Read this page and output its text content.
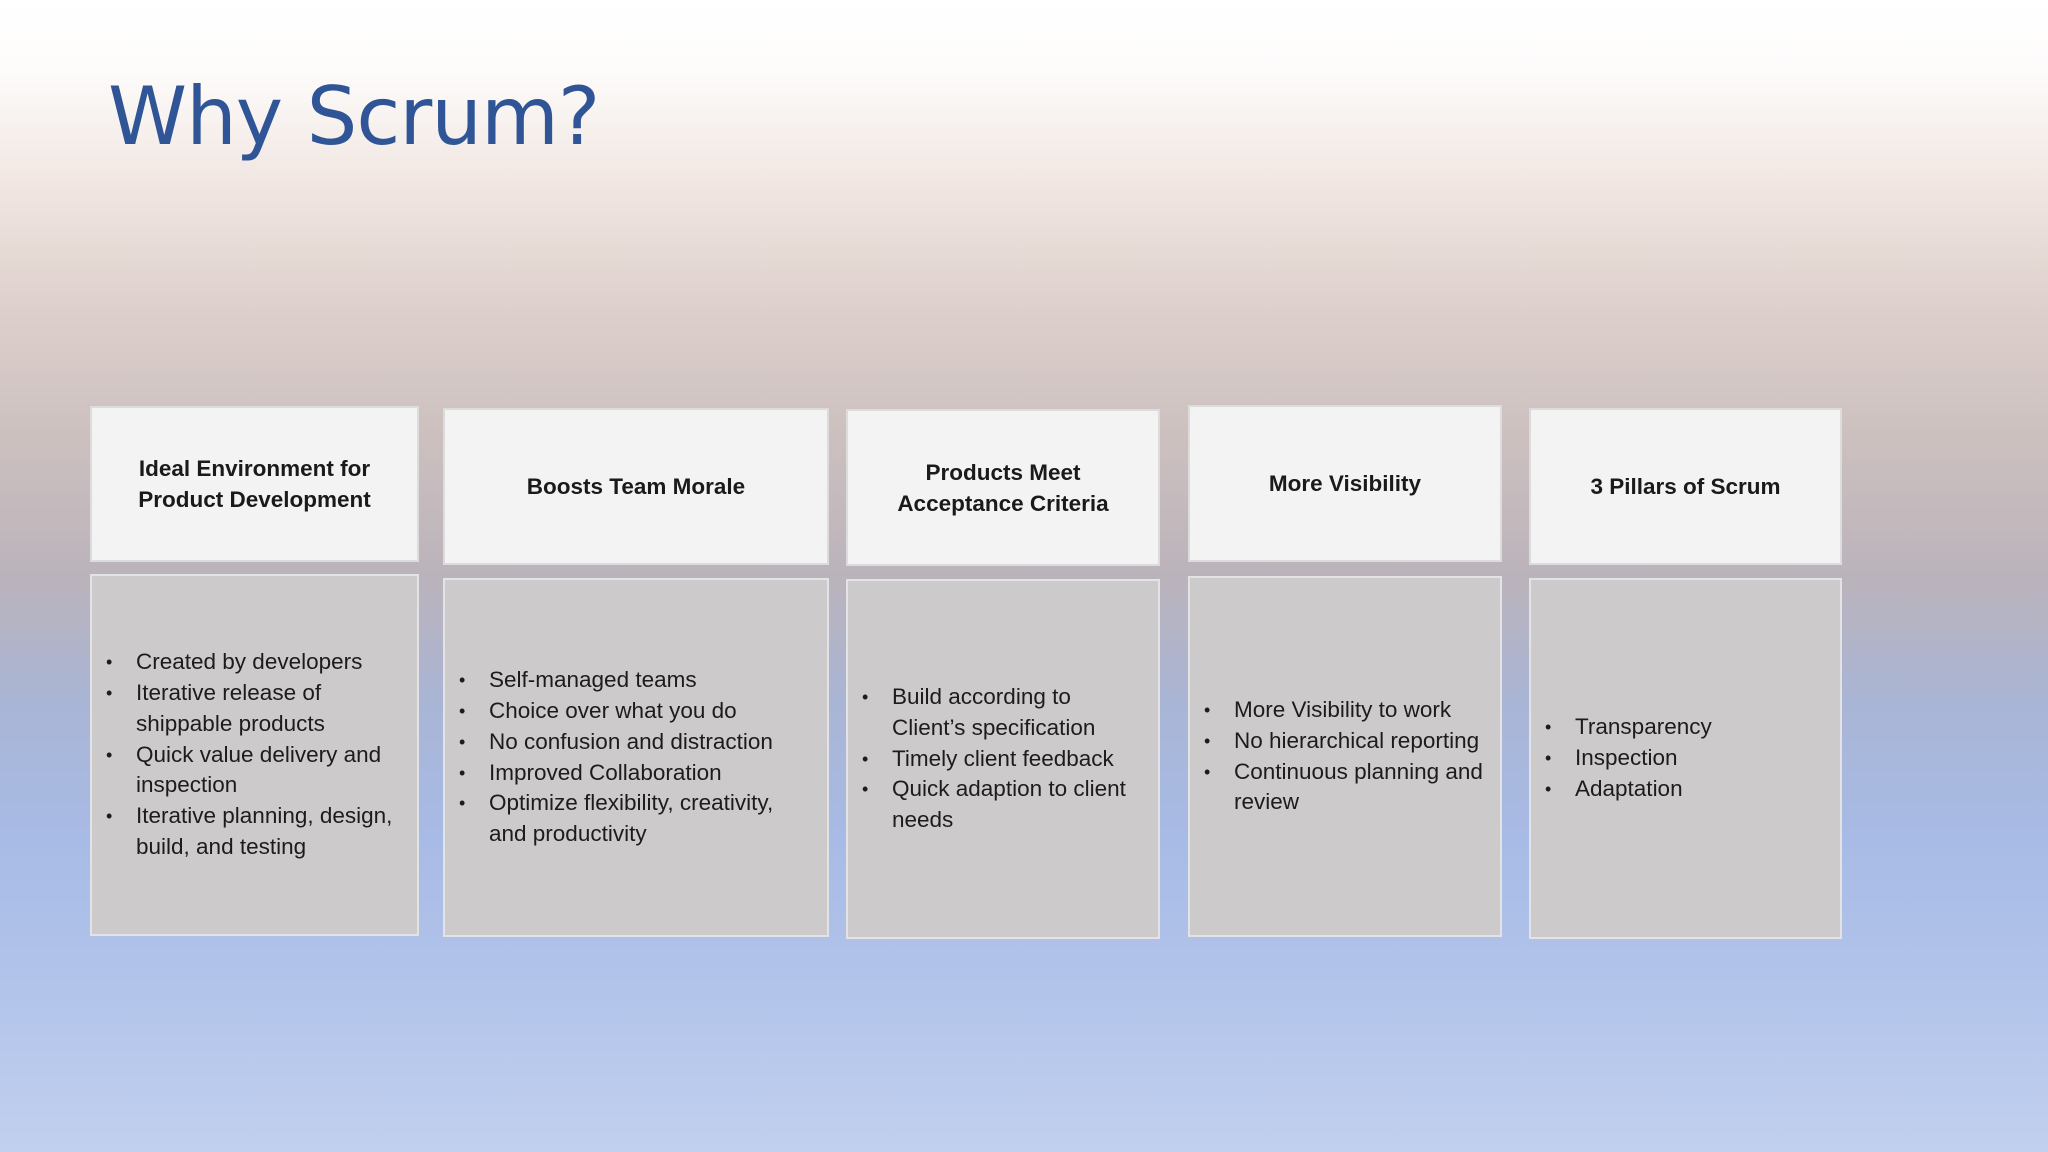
Why Scrum?
Ideal Environment for Product Development
•	Created by developers
•	Iterative release of shippable products
•	Quick value delivery and inspection
•	Iterative planning, design, build, and testing
Boosts Team Morale
•	Self-managed teams
•	Choice over what you do
•	No confusion and distraction
•	Improved Collaboration
•	Optimize flexibility, creativity, and productivity
Products Meet Acceptance Criteria
•	Build according to Client’s specification
•	Timely client feedback
•	Quick adaption to client needs
More Visibility
•	More Visibility to work
•	No hierarchical reporting
•	Continuous planning and review
3 Pillars of Scrum
•	Transparency
•	Inspection
•	Adaptation
